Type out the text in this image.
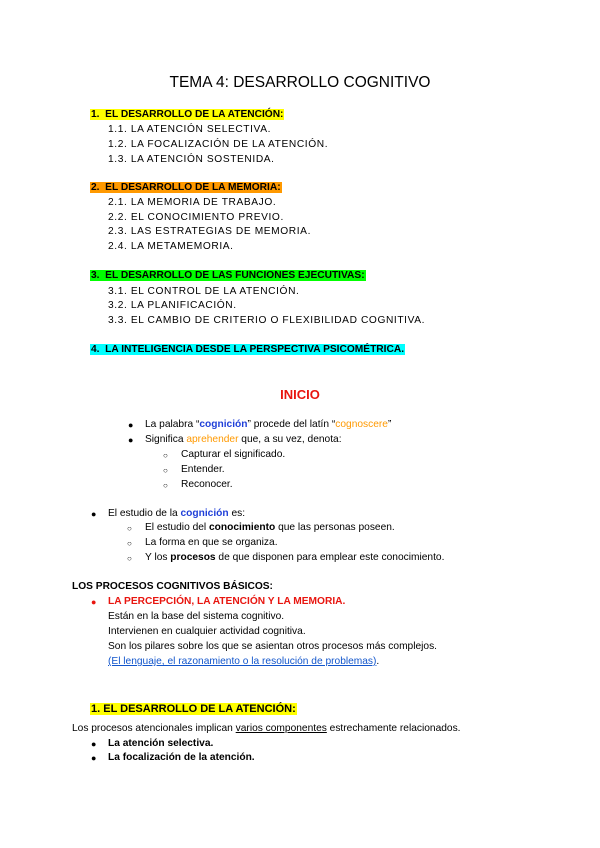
TEMA 4: DESARROLLO COGNITIVO
1. EL DESARROLLO DE LA ATENCIÓN:
1.1. LA ATENCIÓN SELECTIVA.
1.2. LA FOCALIZACIÓN DE LA ATENCIÓN.
1.3. LA ATENCIÓN SOSTENIDA.
2. EL DESARROLLO DE LA MEMORIA:
2.1. LA MEMORIA DE TRABAJO.
2.2. EL CONOCIMIENTO PREVIO.
2.3. LAS ESTRATEGIAS DE MEMORIA.
2.4. LA METAMEMORIA.
3. EL DESARROLLO DE LAS FUNCIONES EJECUTIVAS:
3.1. EL CONTROL DE LA ATENCIÓN.
3.2. LA PLANIFICACIÓN.
3.3. EL CAMBIO DE CRITERIO O FLEXIBILIDAD COGNITIVA.
4. LA INTELIGENCIA DESDE LA PERSPECTIVA PSICOMÉTRICA.
INICIO
● La palabra “cognición” procede del latín “cognoscere”
● Significa aprehender que, a su vez, denota:
○ Capturar el significado.
○ Entender.
○ Reconocer.
● El estudio de la cognición es:
○ El estudio del conocimiento que las personas poseen.
○ La forma en que se organiza.
○ Y los procesos de que disponen para emplear este conocimiento.
LOS PROCESOS COGNITIVOS BÁSICOS:
● LA PERCEPCIÓN, LA ATENCIÓN Y LA MEMORIA.
Están en la base del sistema cognitivo.
Intervienen en cualquier actividad cognitiva.
Son los pilares sobre los que se asientan otros procesos más complejos.
(El lenguaje, el razonamiento o la resolución de problemas).
1. EL DESARROLLO DE LA ATENCIÓN:
Los procesos atencionales implican varios componentes estrechamente relacionados.
● La atención selectiva.
● La focalización de la atención.
